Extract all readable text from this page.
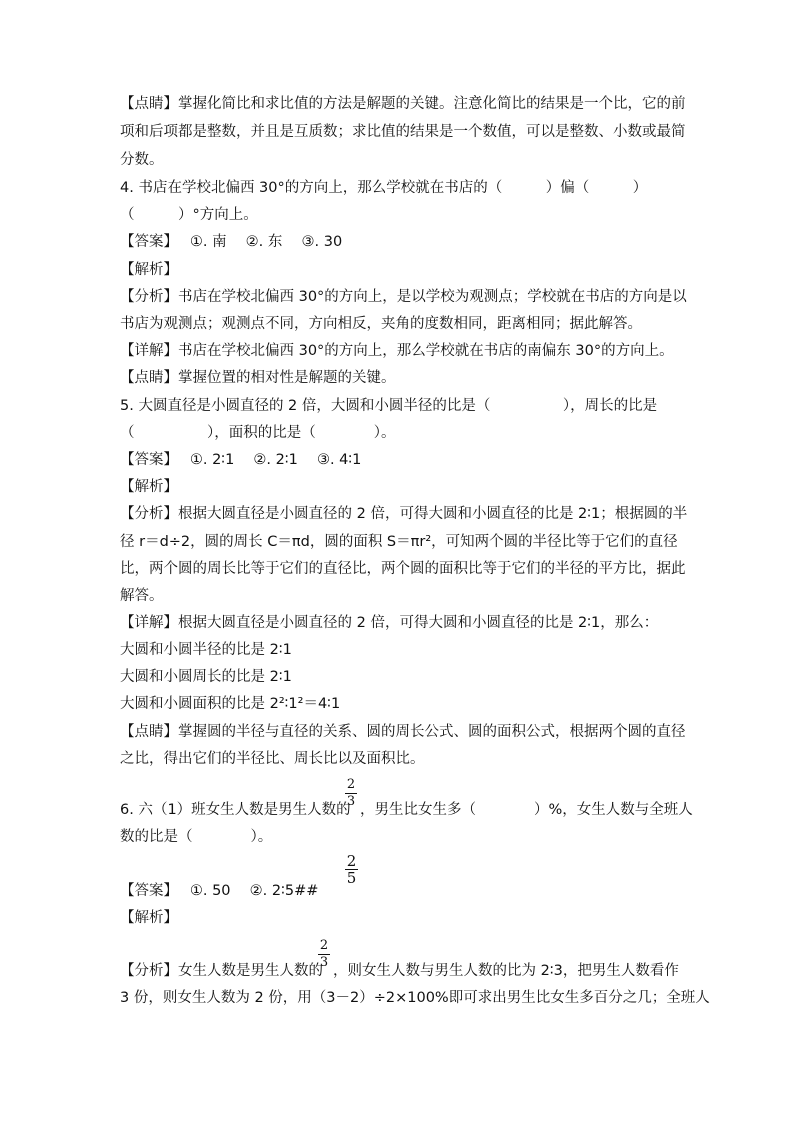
【点睛】掌握化简比和求比值的方法是解题的关键。注意化简比的结果是一个比，它的前
项和后项都是整数，并且是互质数；求比值的结果是一个数值，可以是整数、小数或最简
分数。
4. 书店在学校北偏西 30°的方向上，那么学校就在书店的（　　　）偏（　　　）
（　　　）°方向上。
【答案】　 ①. 南　 ②. 东　 ③. 30
【解析】
【分析】书店在学校北偏西 30°的方向上，是以学校为观测点；学校就在书店的方向是以
书店为观测点；观测点不同，方向相反，夹角的度数相同，距离相同；据此解答。
【详解】书店在学校北偏西 30°的方向上，那么学校就在书店的南偏东 30°的方向上。
【点睛】掌握位置的相对性是解题的关键。
5. 大圆直径是小圆直径的 2 倍，大圆和小圆半径的比是（　　　　　），周长的比是
（　　　　　），面积的比是（　　　　）。
【答案】　 ①. 2∶1　 ②. 2∶1　 ③. 4∶1
【解析】
【分析】根据大圆直径是小圆直径的 2 倍，可得大圆和小圆直径的比是 2∶1；根据圆的半
径 r＝d÷2，圆的周长 C＝πd，圆的面积 S＝πr²，可知两个圆的半径比等于它们的直径
比，两个圆的周长比等于它们的直径比，两个圆的面积比等于它们的半径的平方比，据此
解答。
【详解】根据大圆直径是小圆直径的 2 倍，可得大圆和小圆直径的比是 2∶1，那么：
大圆和小圆半径的比是 2∶1
大圆和小圆周长的比是 2∶1
大圆和小圆面积的比是 2²∶1²＝4∶1
【点睛】掌握圆的半径与直径的关系、圆的周长公式、圆的面积公式，根据两个圆的直径
之比，得出它们的半径比、周长比以及面积比。
2
3
6. 六（1）班女生人数是男生人数的 ，男生比女生多（　　　　）%，女生人数与全班人
数的比是（　　　　）。
2
5
【答案】　 ①. 50　 ②. 2∶5##
【解析】
2
3
【分析】女生人数是男生人数的 ，则女生人数与男生人数的比为 2∶3，把男生人数看作
3 份，则女生人数为 2 份，用（3－2）÷2×100%即可求出男生比女生多百分之几；全班人
